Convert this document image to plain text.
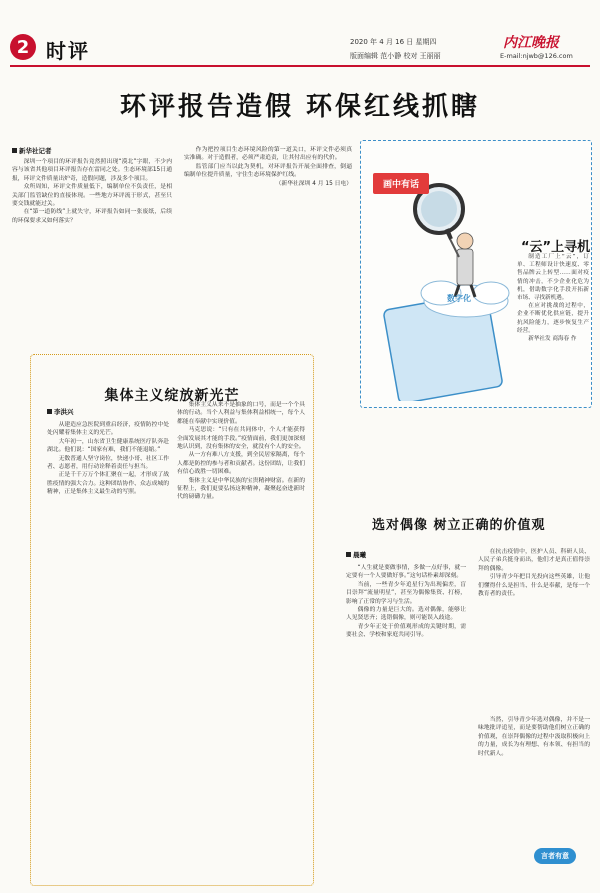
2 时评	2020 年 4 月 16 日 星期四
版面编辑 范小静 校对 王丽丽
内江晚报
E-mail:njwb@126.com
环评报告造假 环保红线抓瞎
新华社记者

深圳一个项目的环评报告竟然照出现“漠北”字眼，不少内容与该省其他项目环评报告存在雷同之处。生态环境部15日通报，环评文件质量出炉奇，造假问题，涉及多个项目。

众所周知，环评文件质量低下，编制单位不负责任，是相关部门监管缺位的直接体现。一些地方环评流于形式，甚至只要交钱就能过关。

在“第一道防线”上就失守，环评报告如同一张废纸，后续的环保要求又如何落实？

作为把控项目生态环境风险的第一道关口，环评文件必须真实准确。对于造假者，必须严肃追责，让其付出应有的代价。

监管部门应当以此为契机，对环评报告开展全面排查，倒逼编制单位提升质量，守住生态环境保护红线。

（新华社深圳 4 月 15 日电）	画中有话
数字化
“云”上寻机

制造工厂上“云”，订单、工程师设计快速度、零售品牌云上转型……面对疫情的冲击，不少企业化危为机，借助数字化手段开拓新市场、寻找新机遇。

在应对挑战的过程中，企业不断优化供应链，提升抗风险能力，逐步恢复生产经营。

新华社发 商海春 作

集体主义绽放新光芒
李洪兴

从建造应急医院到重启经济，疫情防控中处处闪耀着集体主义的光芒。

大年初一，山东省卫生健康系统医疗队奔赴湖北。他们说：“国家有难，我们不能退缩。”

无数普通人坚守岗位，快递小哥、社区工作者、志愿者，用行动诠释着责任与担当。

正是千千万万个体汇聚在一起，才形成了战胜疫情的强大合力。这种团结协作、众志成城的精神，正是集体主义最生动的写照。

集体主义从来不是抽象的口号，而是一个个具体的行动。当个人利益与集体利益相统一，每个人都能在奉献中实现价值。

马克思说：“只有在共同体中，个人才能获得全面发展其才能的手段。”疫情面前，我们更加深刻地认识到，没有集体的安全，就没有个人的安全。

从一方有难八方支援，到全民居家隔离，每个人都是防控的参与者和贡献者。这份团结，让我们有信心战胜一切困难。

集体主义是中华民族的宝贵精神财富。在新的征程上，我们更要弘扬这种精神，凝聚起奋进新时代的磅礴力量。

选对偶像 树立正确的价值观
晨曦

“人生就是要做事情，多做一点好事，就一定要有一个人要做好事。”这句话朴素却深刻。

当前，一些青少年追星行为出现偏差，盲目崇拜“流量明星”，甚至为偶像集资、打榜，影响了正常的学习与生活。

偶像的力量是巨大的。选对偶像，能够让人见贤思齐；选错偶像，则可能误入歧途。

青少年正处于价值观形成的关键时期，需要社会、学校和家庭共同引导。

在抗击疫情中，医护人员、科研人员、人民子弟兵挺身而出，他们才是真正值得崇拜的偶像。

引导青少年把目光投向这些英雄，让他们懂得什么是担当、什么是奉献，是每一个教育者的责任。

当然，引导青少年选对偶像，并不是一味地批评追星，而是要帮助他们树立正确的价值观，在崇拜偶像的过程中汲取积极向上的力量，成长为有理想、有本领、有担当的时代新人。

言者有意
